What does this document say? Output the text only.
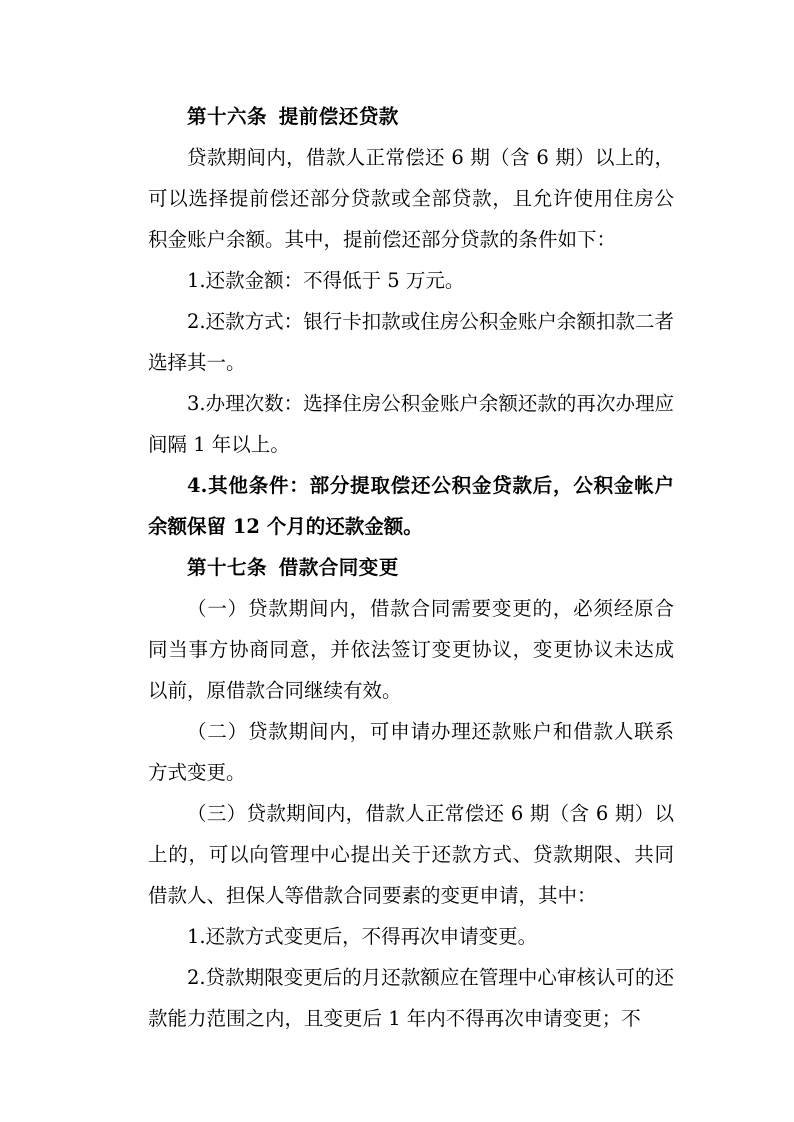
第十六条 提前偿还贷款

贷款期间内，借款人正常偿还 6 期（含 6 期）以上的，可以选择提前偿还部分贷款或全部贷款，且允许使用住房公积金账户余额。其中，提前偿还部分贷款的条件如下：

1.还款金额：不得低于 5 万元。

2.还款方式：银行卡扣款或住房公积金账户余额扣款二者选择其一。

3.办理次数：选择住房公积金账户余额还款的再次办理应间隔 1 年以上。

4.其他条件：部分提取偿还公积金贷款后，公积金帐户余额保留 12 个月的还款金额。

第十七条 借款合同变更

（一）贷款期间内，借款合同需要变更的，必须经原合同当事方协商同意，并依法签订变更协议，变更协议未达成以前，原借款合同继续有效。

（二）贷款期间内，可申请办理还款账户和借款人联系方式变更。

（三）贷款期间内，借款人正常偿还 6 期（含 6 期）以上的，可以向管理中心提出关于还款方式、贷款期限、共同借款人、担保人等借款合同要素的变更申请，其中：

1.还款方式变更后，不得再次申请变更。

2.贷款期限变更后的月还款额应在管理中心审核认可的还款能力范围之内，且变更后 1 年内不得再次申请变更；不
